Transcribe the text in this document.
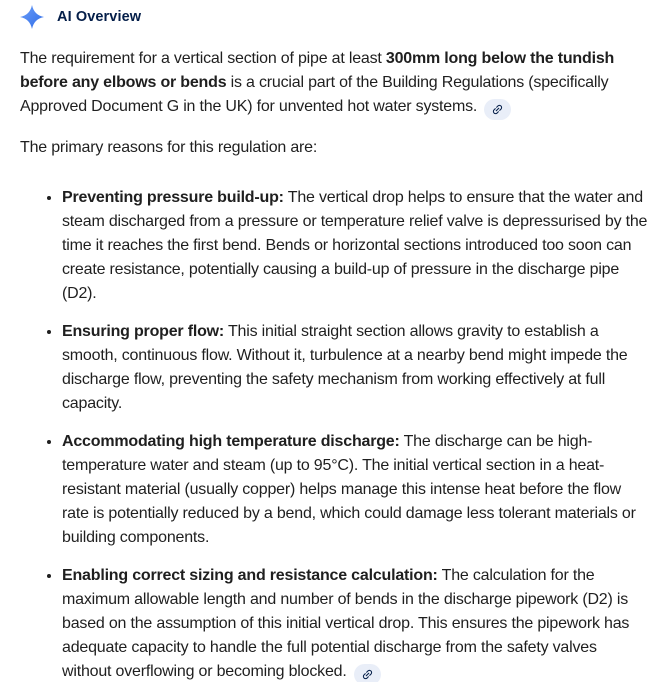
AI Overview

The requirement for a vertical section of pipe at least 300mm long below the tundish before any elbows or bends is a crucial part of the Building Regulations (specifically Approved Document G in the UK) for unvented hot water systems.

The primary reasons for this regulation are:

• Preventing pressure build-up: The vertical drop helps to ensure that the water and steam discharged from a pressure or temperature relief valve is depressurised by the time it reaches the first bend. Bends or horizontal sections introduced too soon can create resistance, potentially causing a build-up of pressure in the discharge pipe (D2).
• Ensuring proper flow: This initial straight section allows gravity to establish a smooth, continuous flow. Without it, turbulence at a nearby bend might impede the discharge flow, preventing the safety mechanism from working effectively at full capacity.
• Accommodating high temperature discharge: The discharge can be high-temperature water and steam (up to 95°C). The initial vertical section in a heat-resistant material (usually copper) helps manage this intense heat before the flow rate is potentially reduced by a bend, which could damage less tolerant materials or building components.
• Enabling correct sizing and resistance calculation: The calculation for the maximum allowable length and number of bends in the discharge pipework (D2) is based on the assumption of this initial vertical drop. This ensures the pipework has adequate capacity to handle the full potential discharge from the safety valves without overflowing or becoming blocked.
